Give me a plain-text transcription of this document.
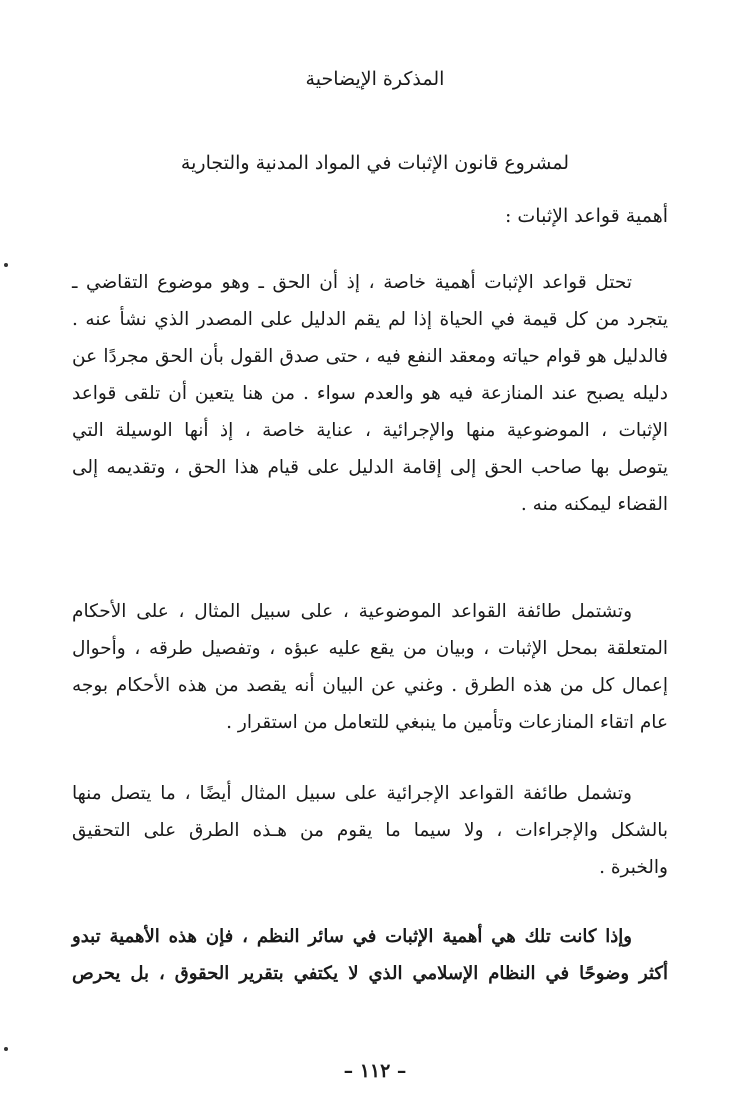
المذكرة الإيضاحية
لمشروع قانون الإثبات في المواد المدنية والتجارية
أهمية قواعد الإثبات :
تحتل قواعد الإثبات أهمية خاصة ، إذ أن الحق ـ وهو موضوع التقاضي ـ
يتجرد من كل قيمة في الحياة إذا لم يقم الدليل على المصدر الذي نشأ عنه .
فالدليل هو قوام حياته ومعقد النفع فيه ، حتى صدق القول بأن الحق مجردًا عن
دليله يصبح عند المنازعة فيه هو والعدم سواء . من هنا يتعين أن تلقى قواعد
الإثبات ، الموضوعية منها والإجرائية ، عناية خاصة ، إذ أنها الوسيلة التي
يتوصل بها صاحب الحق إلى إقامة الدليل على قيام هذا الحق ، وتقديمه إلى
القضاء ليمكنه منه .
وتشتمل طائفة القواعد الموضوعية ، على سبيل المثال ، على الأحكام
المتعلقة بمحل الإثبات ، وبيان من يقع عليه عبؤه ، وتفصيل طرقه ، وأحوال
إعمال كل من هذه الطرق . وغني عن البيان أنه يقصد من هذه الأحكام بوجه
عام اتقاء المنازعات وتأمين ما ينبغي للتعامل من استقرار .
وتشمل طائفة القواعد الإجرائية على سبيل المثال أيضًا ، ما يتصل منها
بالشكل والإجراءات ، ولا سيما ما يقوم من هـذه الطرق على التحقيق
والخبرة .
وإذا كانت تلك هي أهمية الإثبات في سائر النظم ، فإن هذه الأهمية تبدو
أكثر وضوحًا في النظام الإسلامي الذي لا يكتفي بتقرير الحقوق ، بل يحرص
– ١١٢ –
